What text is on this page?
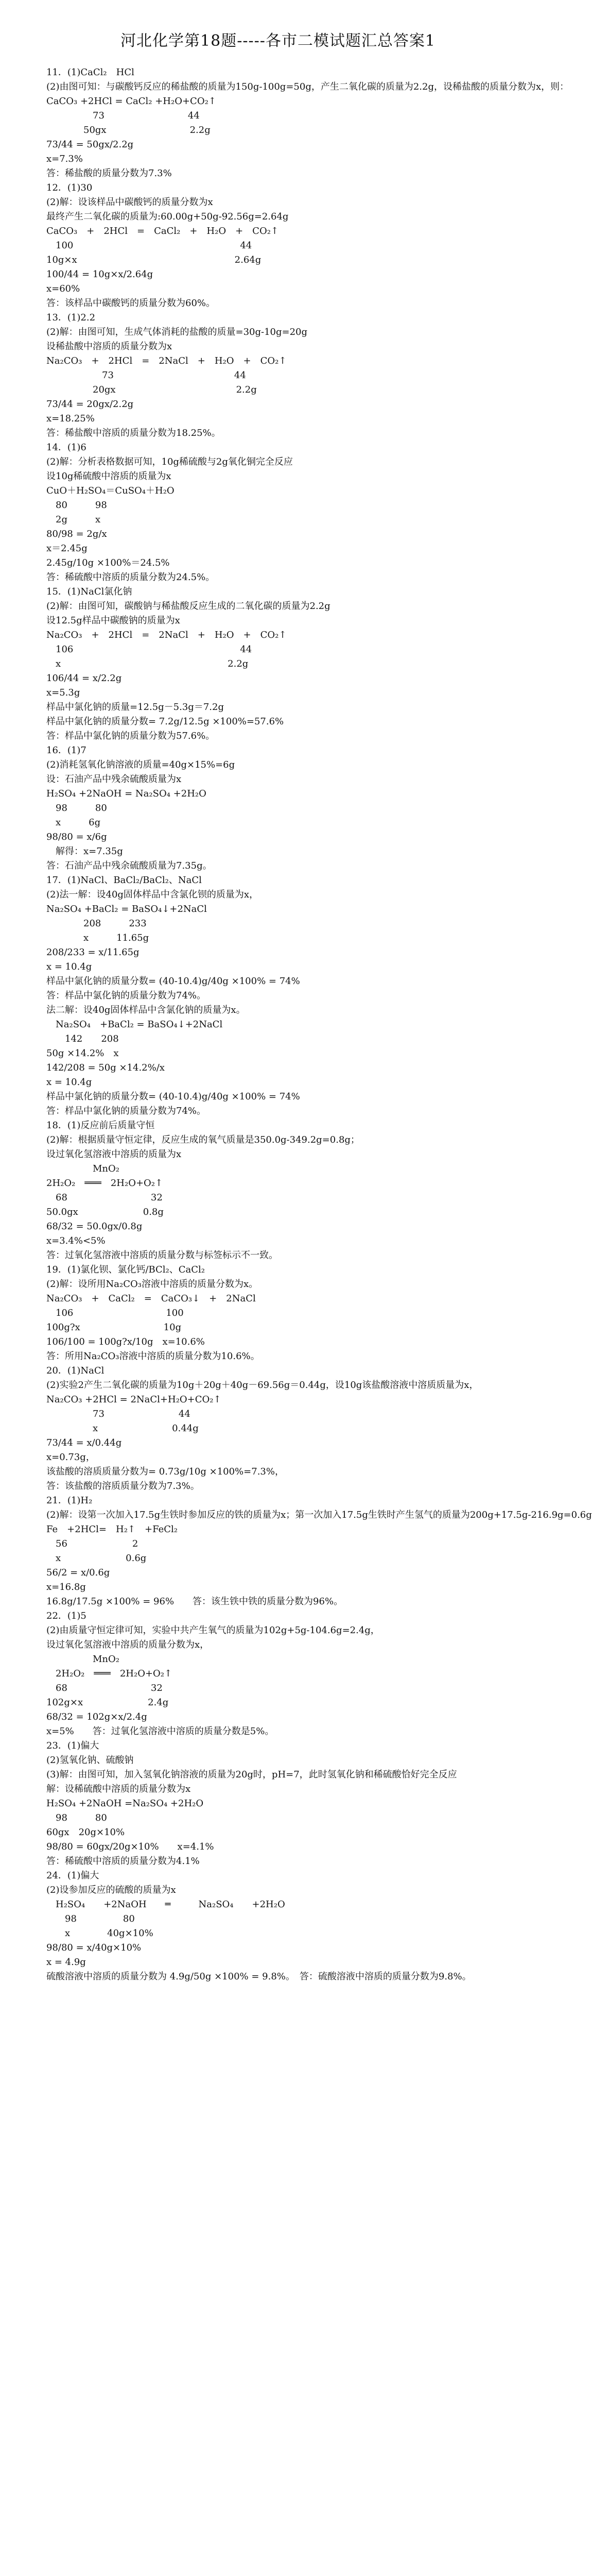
河北化学第18题-----各市二模试题汇总答案1
11．(1)CaCl₂　HCl
(2)由图可知：与碳酸钙反应的稀盐酸的质量为150g-100g=50g，产生二氧化碳的质量为2.2g，设稀盐酸的质量分数为x，则：
CaCO₃ +2HCl = CaCl₂ +H₂O+CO₂↑
　　　　　73　　　　　　　　　44
　　　　50gx　　　　　　　　　2.2g
73/44 = 50gx/2.2g
x=7.3%
答：稀盐酸的质量分数为7.3%
12．(1)30
(2)解：设该样品中碳酸钙的质量分数为x
最终产生二氧化碳的质量为:60.00g+50g-92.56g=2.64g
CaCO₃　+　2HCl　=　CaCl₂　+　H₂O　+　CO₂↑
　100　　　　　　　　　　　　　　　　　　44
10g×x　　　　　　　　　　　　　　　　　2.64g
100/44 = 10g×x/2.64g
x=60%
答：该样品中碳酸钙的质量分数为60%。
13．(1)2.2
(2)解：由图可知，生成气体消耗的盐酸的质量=30g-10g=20g
设稀盐酸中溶质的质量分数为x
Na₂CO₃　+　2HCl　=　2NaCl　+　H₂O　+　CO₂↑
　　　　　　73　　　　　　　　　　　　　44
　　　　　20gx　　　　　　　　　　　　　2.2g
73/44 = 20gx/2.2g
x=18.25%
答：稀盐酸中溶质的质量分数为18.25%。
14．(1)6
(2)解：分析表格数据可知，10g稀硫酸与2g氧化铜完全反应
设10g稀硫酸中溶质的质量为x
CuO＋H₂SO₄＝CuSO₄＋H₂O
　80　　　98
　2g　　　x
80/98 = 2g/x
x＝2.45g
2.45g/10g ×100%＝24.5%
答：稀硫酸中溶质的质量分数为24.5%。
15．(1)NaCl氯化钠
(2)解：由图可知，碳酸钠与稀盐酸反应生成的二氧化碳的质量为2.2g
设12.5g样品中碳酸钠的质量为x
Na₂CO₃　+　2HCl　=　2NaCl　+　H₂O　+　CO₂↑
　106　　　　　　　　　　　　　　　　　　44
　x　　　　　　　　　　　　　　　　　　2.2g
106/44 = x/2.2g
x=5.3g
样品中氯化钠的质量=12.5g－5.3g＝7.2g
样品中氯化钠的质量分数= 7.2g/12.5g ×100%=57.6%
答：样品中氯化钠的质量分数为57.6%。
16．(1)7
(2)消耗氢氧化钠溶液的质量=40g×15%=6g
设：石油产品中残余硫酸质量为x
H₂SO₄ +2NaOH = Na₂SO₄ +2H₂O
　98　　　80
　x　　　6g
98/80 = x/6g
　解得：x=7.35g
答：石油产品中残余硫酸质量为7.35g。
17．(1)NaCl、BaCl₂/BaCl₂、NaCl
(2)法一解：设40g固体样品中含氯化钡的质量为x，
Na₂SO₄ +BaCl₂ = BaSO₄↓+2NaCl
　　　　208　　　233
　　　　x　　　11.65g
208/233 = x/11.65g
x = 10.4g
样品中氯化钠的质量分数= (40-10.4)g/40g ×100% = 74%
答：样品中氯化钠的质量分数为74%。
法二解：设40g固体样品中含氯化钠的质量为x。
　Na₂SO₄　+BaCl₂ = BaSO₄↓+2NaCl
　　142　　208
50g ×14.2%　x
142/208 = 50g ×14.2%/x
x = 10.4g
样品中氯化钠的质量分数= (40-10.4)g/40g ×100% = 74%
答：样品中氯化钠的质量分数为74%。
18．(1)反应前后质量守恒
(2)解：根据质量守恒定律，反应生成的氧气质量是350.0g-349.2g=0.8g；
设过氧化氢溶液中溶质的质量为x
　　　　　MnO₂
2H₂O₂　═══　2H₂O+O₂↑
　68　　　　　　　　　32
50.0gx　　　　　　　0.8g
68/32 = 50.0gx/0.8g
x=3.4%<5%
答：过氧化氢溶液中溶质的质量分数与标签标示不一致。
19．(1)氯化钡、氯化钙/BCl₂、CaCl₂
(2)解：设所用Na₂CO₃溶液中溶质的质量分数为x。
Na₂CO₃　+　CaCl₂　=　CaCO₃↓　+　2NaCl
　106　　　　　　　　　　100
100g?x　　　　　　　　　10g
106/100 = 100g?x/10g　x=10.6%
答：所用Na₂CO₃溶液中溶质的质量分数为10.6%。
20．(1)NaCl
(2)实验2产生二氧化碳的质量为10g＋20g＋40g－69.56g＝0.44g，设10g该盐酸溶液中溶质质量为x，
Na₂CO₃ +2HCl = 2NaCl+H₂O+CO₂↑
　　　　　73　　　　　　　　44
　　　　　x　　　　　　　　0.44g
73/44 = x/0.44g
x=0.73g，
该盐酸的溶质质量分数为= 0.73g/10g ×100%=7.3%，
答：该盐酸的溶质质量分数为7.3%。
21．(1)H₂
(2)解：设第一次加入17.5g生铁时参加反应的铁的质量为x；第一次加入17.5g生铁时产生氢气的质量为200g+17.5g-216.9g=0.6g
Fe　+2HCl=　H₂↑　+FeCl₂
　56　　　　　　　2
　x　　　　　　　0.6g
56/2 = x/0.6g
x=16.8g
16.8g/17.5g ×100% = 96%　　答：该生铁中铁的质量分数为96%。
22．(1)5
(2)由质量守恒定律可知，实验中共产生氧气的质量为102g+5g-104.6g=2.4g，
设过氧化氢溶液中溶质的质量分数为x，
　　　　　MnO₂
　2H₂O₂　═══　2H₂O+O₂↑
　68　　　　　　　　　32
102g×x　　　　　　　2.4g
68/32 = 102g×x/2.4g
x=5%　　答：过氧化氢溶液中溶质的质量分数是5%。
23．(1)偏大
(2)氢氧化钠、硫酸钠
(3)解：由图可知，加入氢氧化钠溶液的质量为20g时，pH=7，此时氢氧化钠和稀硫酸恰好完全反应
解：设稀硫酸中溶质的质量分数为x
H₂SO₄ +2NaOH =Na₂SO₄ +2H₂O
　98　　　80
60gx　20g×10%
98/80 = 60gx/20g×10%　　x=4.1%
答：稀硫酸中溶质的质量分数为4.1%
24．(1)偏大
(2)设参加反应的硫酸的质量为x
　H₂SO₄　　+2NaOH　　═　　　Na₂SO₄　　+2H₂O
　　98　　　　　80
　　x　　　　40g×10%
98/80 = x/40g×10%
x = 4.9g
硫酸溶液中溶质的质量分数为 4.9g/50g ×100% = 9.8%。　答：硫酸溶液中溶质的质量分数为9.8%。
